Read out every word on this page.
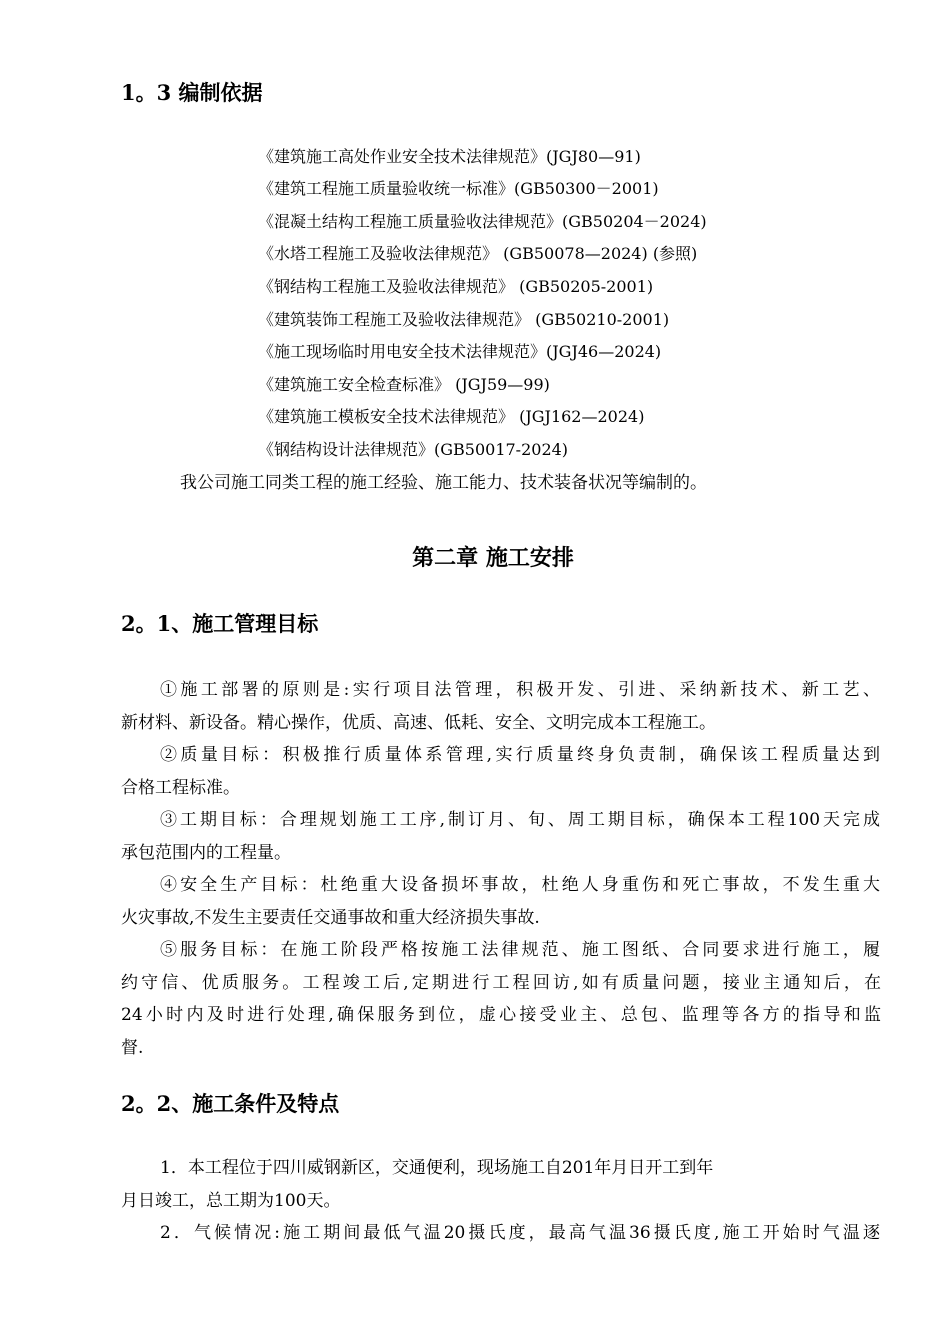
1。3 编制依据

《建筑施工高处作业安全技术法律规范》(JGJ80—91)

《建筑工程施工质量验收统一标准》(GB50300－2001)

《混凝土结构工程施工质量验收法律规范》(GB50204－2024)

《水塔工程施工及验收法律规范》 (GB50078—2024) (参照)

《钢结构工程施工及验收法律规范》 (GB50205-2001)

《建筑装饰工程施工及验收法律规范》 (GB50210-2001)

《施工现场临时用电安全技术法律规范》(JGJ46—2024)

《建筑施工安全检查标准》 (JGJ59—99)

《建筑施工模板安全技术法律规范》 (JGJ162—2024)

《钢结构设计法律规范》(GB50017-2024)

我公司施工同类工程的施工经验、施工能力、技术装备状况等编制的。

第二章 施工安排
2。1、施工管理目标

①施工部署的原则是:实行项目法管理，积极开发、引进、采纳新技术、新工艺、

新材料、新设备。精心操作，优质、高速、低耗、安全、文明完成本工程施工。

②质量目标：积极推行质量体系管理,实行质量终身负责制，确保该工程质量达到

合格工程标准。

③工期目标：合理规划施工工序,制订月、旬、周工期目标，确保本工程100天完成

承包范围内的工程量。

④安全生产目标：杜绝重大设备损坏事故，杜绝人身重伤和死亡事故，不发生重大

火灾事故,不发生主要责任交通事故和重大经济损失事故.

⑤服务目标：在施工阶段严格按施工法律规范、施工图纸、合同要求进行施工，履

约守信、优质服务。工程竣工后,定期进行工程回访,如有质量问题，接业主通知后，在

24小时内及时进行处理,确保服务到位，虚心接受业主、总包、监理等各方的指导和监

督.

2。2、施工条件及特点

1．本工程位于四川威钢新区，交通便利，现场施工自201年月日开工到年

月日竣工，总工期为100天。

2．气候情况:施工期间最低气温20摄氏度，最高气温36摄氏度,施工开始时气温逐
